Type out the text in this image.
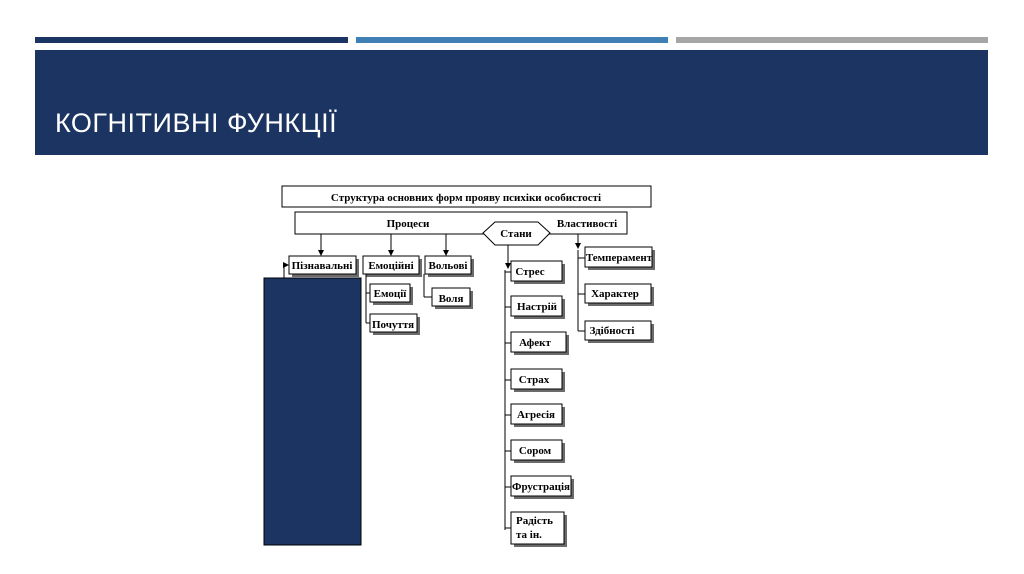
КОГНІТИВНІ ФУНКЦІЇ
Структура основних форм прояву психіки особистості
Процеси	Властивості
Стани
Пізнавальні Емоційні Вольові
Емоції
Почуття
Воля
Стрес
Настрій
Афект
Страх
Агресія
Сором
Фрустрація
Радість
та ін.
Темперамент
Характер
Здібності
